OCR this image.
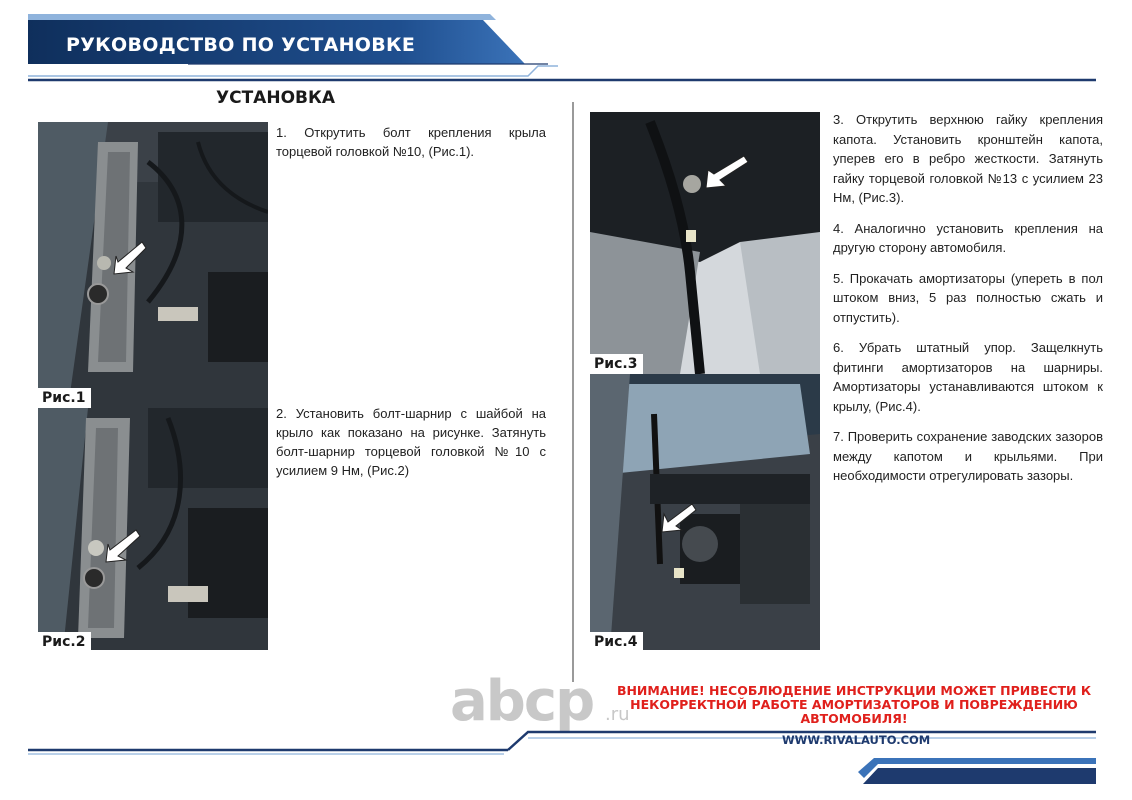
РУКОВОДСТВО ПО УСТАНОВКЕ
УСТАНОВКА
Рис.1
Рис.2
Рис.3
Рис.4
1. Открутить болт крепления крыла торцевой головкой №10, (Рис.1).
2. Установить болт-шарнир с шайбой на крыло как показано на рисунке. Затянуть болт-шарнир торцевой головкой №10 с усилием 9 Нм, (Рис.2)

3. Открутить верхнюю гайку крепления капота. Установить кронштейн капота, уперев его в ребро жесткости. Затянуть гайку торцевой головкой №13 с усилием 23 Нм, (Рис.3).

4. Аналогично установить крепления на другую сторону автомобиля.

5. Прокачать амортизаторы (упереть в пол штоком вниз, 5 раз полностью сжать и отпустить).

6. Убрать штатный упор. Защелкнуть фитинги амортизаторов на шарниры. Амортизаторы устанавливаются штоком к крылу, (Рис.4).

7. Проверить сохранение заводских зазоров между капотом и крыльями. При необходимости отрегулировать зазоры.

abcp .ru
ВНИМАНИЕ! НЕСОБЛЮДЕНИЕ ИНСТРУКЦИИ МОЖЕТ ПРИВЕСТИ К
НЕКОРРЕКТНОЙ РАБОТЕ АМОРТИЗАТОРОВ И ПОВРЕЖДЕНИЮ
АВТОМОБИЛЯ!
WWW.RIVALAUTO.COM
